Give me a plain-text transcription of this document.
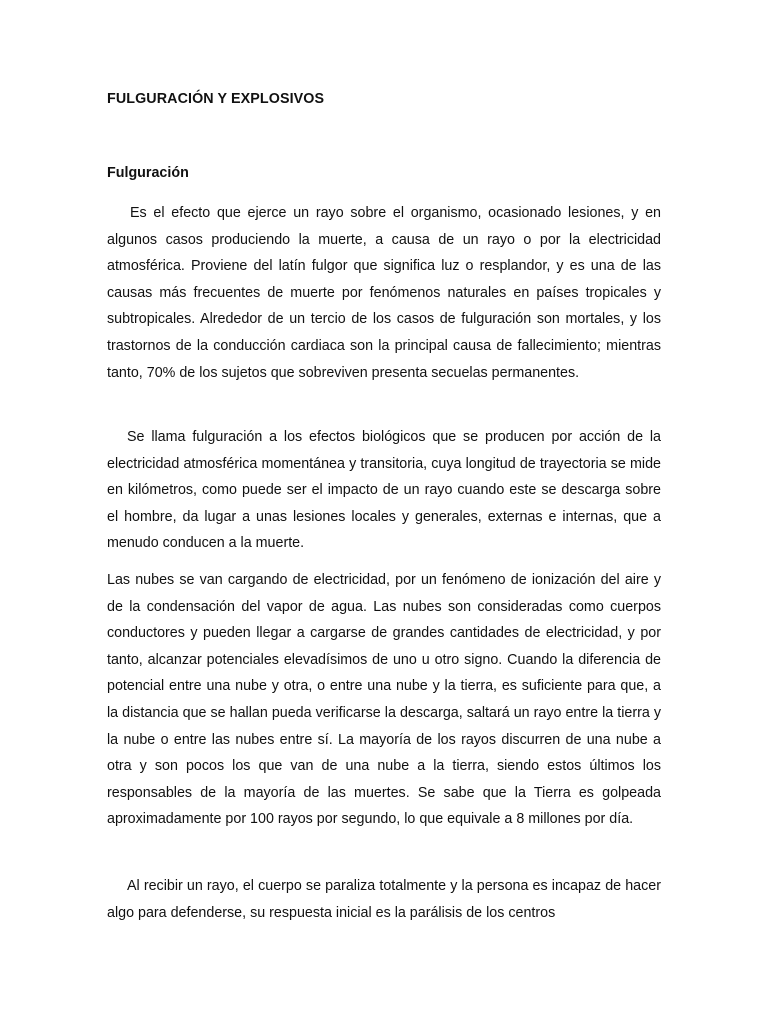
FULGURACIÓN Y EXPLOSIVOS
Fulguración

Es el efecto que ejerce un rayo sobre el organismo, ocasionado lesiones, y en algunos casos produciendo la muerte, a causa de un rayo o por la electricidad atmosférica. Proviene del latín fulgor que significa luz o resplandor, y es una de las causas más frecuentes de muerte por fenómenos naturales en países tropicales y subtropicales. Alrededor de un tercio de los casos de fulguración son mortales, y los trastornos de la conducción cardiaca son la principal causa de fallecimiento; mientras tanto, 70% de los sujetos que sobreviven presenta secuelas permanentes.

Se llama fulguración a los efectos biológicos que se producen por acción de la electricidad atmosférica momentánea y transitoria, cuya longitud de trayectoria se mide en kilómetros, como puede ser el impacto de un rayo cuando este se descarga sobre el hombre, da lugar a unas lesiones locales y generales, externas e internas, que a menudo conducen a la muerte.

Las nubes se van cargando de electricidad, por un fenómeno de ionización del aire y de la condensación del vapor de agua. Las nubes son consideradas como cuerpos conductores y pueden llegar a cargarse de grandes cantidades de electricidad, y por tanto, alcanzar potenciales elevadísimos de uno u otro signo. Cuando la diferencia de potencial entre una nube y otra, o entre una nube y la tierra, es suficiente para que, a la distancia que se hallan pueda verificarse la descarga, saltará un rayo entre la tierra y la nube o entre las nubes entre sí. La mayoría de los rayos discurren de una nube a otra y son pocos los que van de una nube a la tierra, siendo estos últimos los responsables de la mayoría de las muertes. Se sabe que la Tierra es golpeada aproximadamente por 100 rayos por segundo, lo que equivale a 8 millones por día.

Al recibir un rayo, el cuerpo se paraliza totalmente y la persona es incapaz de hacer algo para defenderse, su respuesta inicial es la parálisis de los centros
